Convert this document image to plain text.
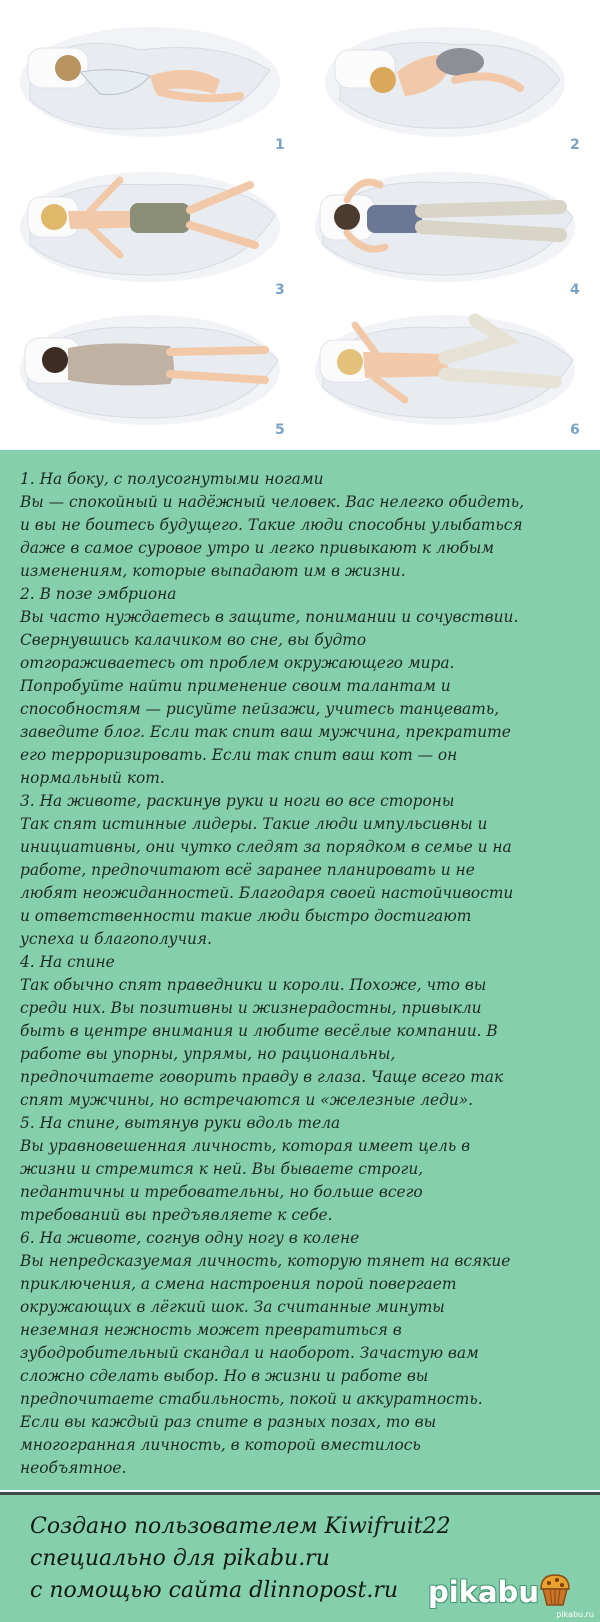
1	2
3	4
5	6

1. На боку, с полусогнутыми ногами

Вы — спокойный и надёжный человек. Вас нелегко обидеть,

и вы не боитесь будущего. Такие люди способны улыбаться

даже в самое суровое утро и легко привыкают к любым

изменениям, которые выпадают им в жизни.

2. В позе эмбриона

Вы часто нуждаетесь в защите, понимании и сочувствии.

Свернувшись калачиком во сне, вы будто

отгораживаетесь от проблем окружающего мира.

Попробуйте найти применение своим талантам и

способностям — рисуйте пейзажи, учитесь танцевать,

заведите блог. Если так спит ваш мужчина, прекратите

его терроризировать. Если так спит ваш кот — он

нормальный кот.

3. На животе, раскинув руки и ноги во все стороны

Так спят истинные лидеры. Такие люди импульсивны и

инициативны, они чутко следят за порядком в семье и на

работе, предпочитают всё заранее планировать и не

любят неожиданностей. Благодаря своей настойчивости

и ответственности такие люди быстро достигают

успеха и благополучия.

4. На спине

Так обычно спят праведники и короли. Похоже, что вы

среди них. Вы позитивны и жизнерадостны, привыкли

быть в центре внимания и любите весёлые компании. В

работе вы упорны, упрямы, но рациональны,

предпочитаете говорить правду в глаза. Чаще всего так

спят мужчины, но встречаются и «железные леди».

5. На спине, вытянув руки вдоль тела

Вы уравновешенная личность, которая имеет цель в

жизни и стремится к ней. Вы бываете строги,

педантичны и требовательны, но больше всего

требований вы предъявляете к себе.

6. На животе, согнув одну ногу в колене

Вы непредсказуемая личность, которую тянет на всякие

приключения, а смена настроения порой повергает

окружающих в лёгкий шок. За считанные минуты

неземная нежность может превратиться в

зубодробительный скандал и наоборот. Зачастую вам

сложно сделать выбор. Но в жизни и работе вы

предпочитаете стабильность, покой и аккуратность.

Если вы каждый раз спите в разных позах, то вы

многогранная личность, в которой вместилось

необъятное.

Создано пользователем Kiwifruit22
специально для pikabu.ru
с помощью сайта dlinnopost.ru	pikabu
pikabu.ru
